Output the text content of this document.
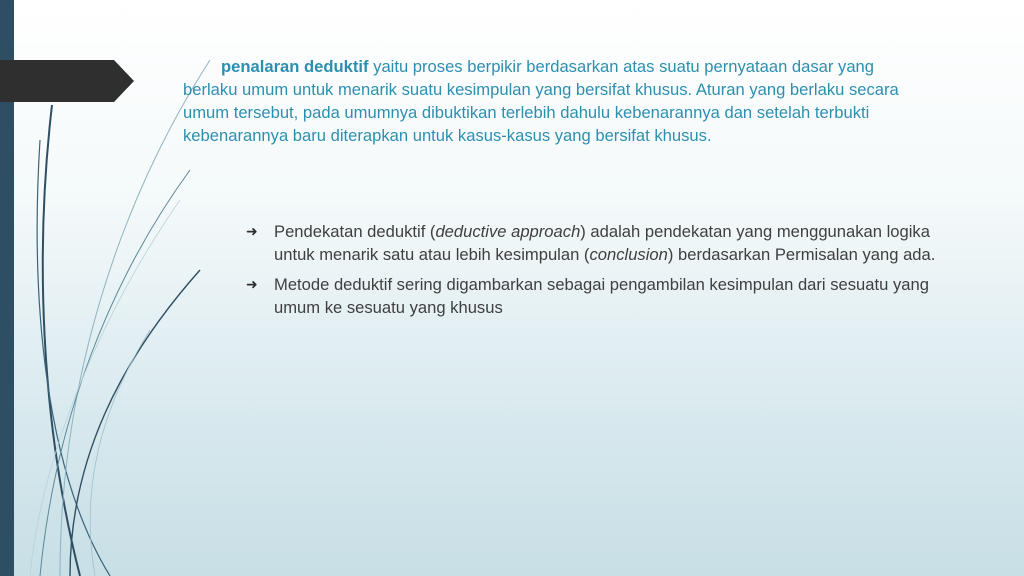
penalaran deduktif yaitu proses berpikir berdasarkan atas suatu pernyataan dasar yang berlaku umum untuk menarik suatu kesimpulan yang bersifat khusus. Aturan yang berlaku secara umum tersebut, pada umumnya dibuktikan terlebih dahulu kebenarannya dan setelah terbukti kebenarannya baru diterapkan untuk kasus-kasus yang bersifat khusus.
➜ Pendekatan deduktif (deductive approach) adalah pendekatan yang menggunakan logika untuk menarik satu atau lebih kesimpulan (conclusion) berdasarkan Permisalan yang ada.
➜ Metode deduktif sering digambarkan sebagai pengambilan kesimpulan dari sesuatu yang umum ke sesuatu yang khusus
